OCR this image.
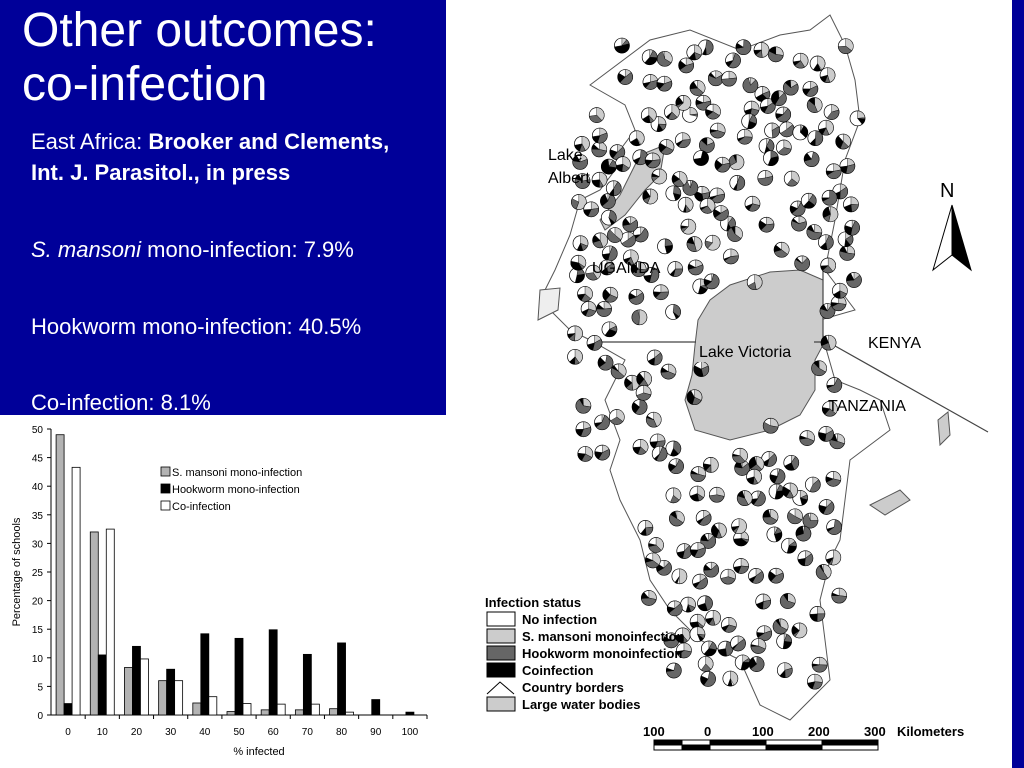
Other outcomes:
co-infection
East Africa: Brooker and Clements, Int. J. Parasitol., in press
S. mansoni mono-infection: 7.9%
Hookworm mono-infection: 40.5%
Co-infection: 8.1%
0
5
10
15
20
25
30
35
40
45
50
0	10 20 30 40 50 60 70 80 90 100
% infected
Percentage of schools
S. mansoni mono-infection
Hookworm mono-infection
Co-infection
Lake
Albert
UGANDA
KENYA
TANZANIA
Lake Victoria
N
Infection status
No infection
S. mansoni monoinfection
Hookworm monoinfection
Coinfection
Country borders
Large water bodies
100	0	100	200	300 Kilometers
